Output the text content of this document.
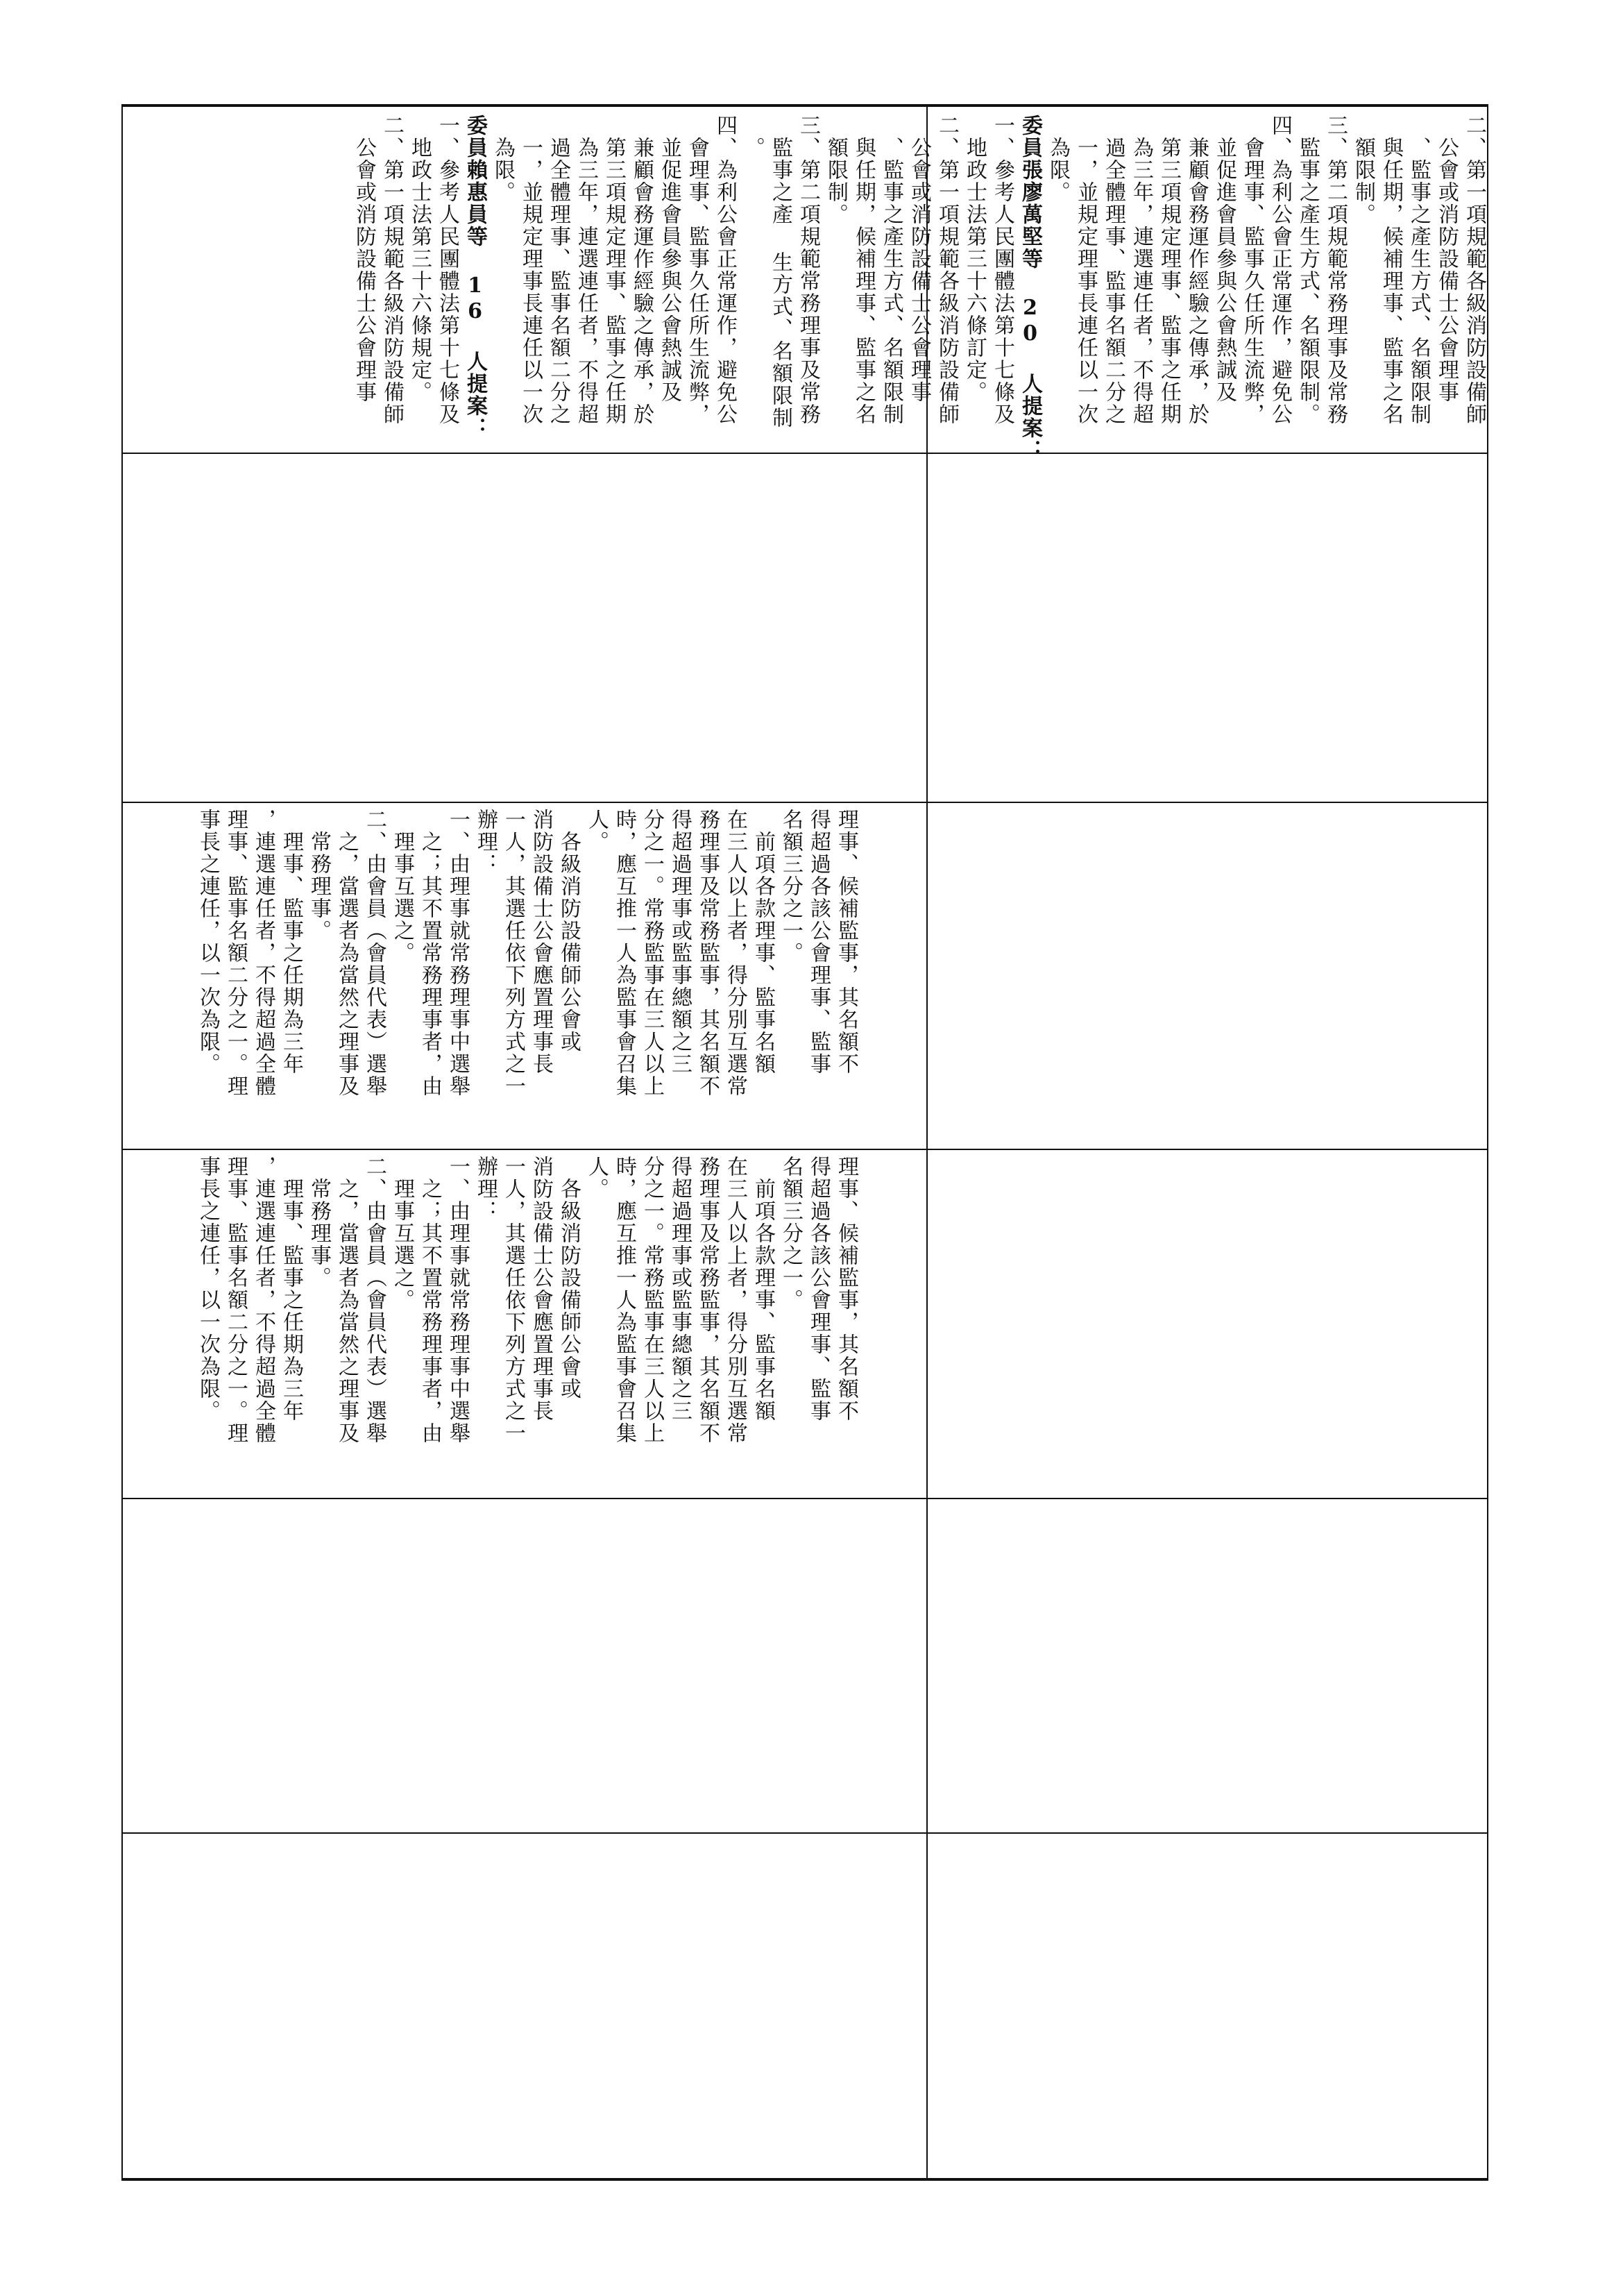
二、第一項規範各級消防設備師
　公會或消防設備士公會理事
　、監事之產生方式、名額限制
　與任期，候補理事、監事之名
　額限制。
三、第二項規範常務理事及常務
　監事之產生方式、名額限制。
四、為利公會正常運作，避免公
　會理事、監事久任所生流弊，
　並促進會員參與公會熱誠及
　兼顧會務運作經驗之傳承，於
　第三項規定理事、監事之任期
　為三年，連選連任者，不得超
　過全體理事、監事名額二分之
　一，並規定理事長連任以一次
　為限。
委員張廖萬堅等 20 人提案：
一、參考人民團體法第十七條及
　地政士法第三十六條訂定。
二、第一項規範各級消防設備師
　公會或消防設備士公會理事
　、監事之產生方式、名額限制
　與任期，候補理事、監事之名
　額限制。
三、第二項規範常務理事及常務
　監事之產 生方式、名額限制
　。
四、為利公會正常運作，避免公
　會理事、監事久任所生流弊，
　並促進會員參與公會熱誠及
　兼顧會務運作經驗之傳承，於
　第三項規定理事、監事之任期
　為三年，連選連任者，不得超
　過全體理事、監事名額二分之
　一，並規定理事長連任以一次
　為限。
委員賴惠員等 16 人提案：
一、參考人民團體法第十七條及
　地政士法第三十六條規定。
二、第一項規範各級消防設備師
　公會或消防設備士公會理事
理事、候補監事，其名額不
得超過各該公會理事、監事
名額三分之一。
　前項各款理事、監事名額
在三人以上者，得分別互選常
務理事及常務監事，其名額不
得超過理事或監事總額之三
分之一。常務監事在三人以上
時，應互推一人為監事會召集
人。
　各級消防設備師公會或
消防設備士公會應置理事長
一人，其選任依下列方式之一
辦理：
一、由理事就常務理事中選舉
　之；其不置常務理事者，由
　理事互選之。
二、由會員（會員代表）選舉
　之，當選者為當然之理事及
　常務理事。
　理事、監事之任期為三年
，連選連任者，不得超過全體
理事、監事名額二分之一。理
事長之連任，以一次為限。
理事、候補監事，其名額不
得超過各該公會理事、監事
名額三分之一。
　前項各款理事、監事名額
在三人以上者，得分別互選常
務理事及常務監事，其名額不
得超過理事或監事總額之三
分之一。常務監事在三人以上
時，應互推一人為監事會召集
人。
　各級消防設備師公會或
消防設備士公會應置理事長
一人，其選任依下列方式之一
辦理：
一、由理事就常務理事中選舉
　之；其不置常務理事者，由
　理事互選之。
二、由會員（會員代表）選舉
　之，當選者為當然之理事及
　常務理事。
　理事、監事之任期為三年
，連選連任者，不得超過全體
理事、監事名額二分之一。理
事長之連任，以一次為限。
